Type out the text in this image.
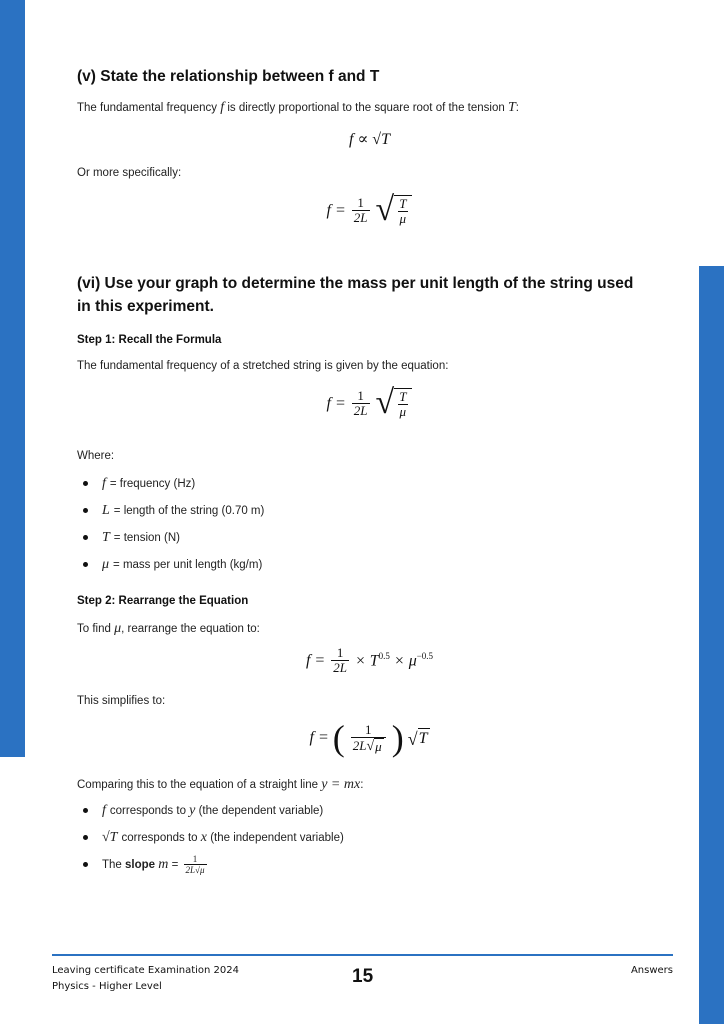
(v) State the relationship between f and T
The fundamental frequency f is directly proportional to the square root of the tension T:
f ∝ √T
Or more specifically:
$f = \frac{1}{2L}$ √ $\frac{T}{\mu}$
(vi) Use your graph to determine the mass per unit length of the string used in this experiment.
Step 1: Recall the Formula
The fundamental frequency of a stretched string is given by the equation:
$f = \frac{1}{2L}$ √ $\frac{T}{\mu}$
Where:
f = frequency (Hz)
L = length of the string (0.70 m)
T = tension (N)
μ = mass per unit length (kg/m)
Step 2: Rearrange the Equation
To find μ, rearrange the equation to:
$f = \frac{1}{2L} \times T^{0.5} \times \mu^{-0.5}$
This simplifies to:
f = ( $\frac{1}{2L √ \mu}$ ) √ T
Comparing this to the equation of a straight line y = mx:
f corresponds to
y
(the dependent variable)
√T corresponds to
x
(the independent variable)
The
slope
m
=
$\frac{1}{2L√\mu}$
Leaving certificate Examination 2024
Physics - Higher Level	15	Answers
